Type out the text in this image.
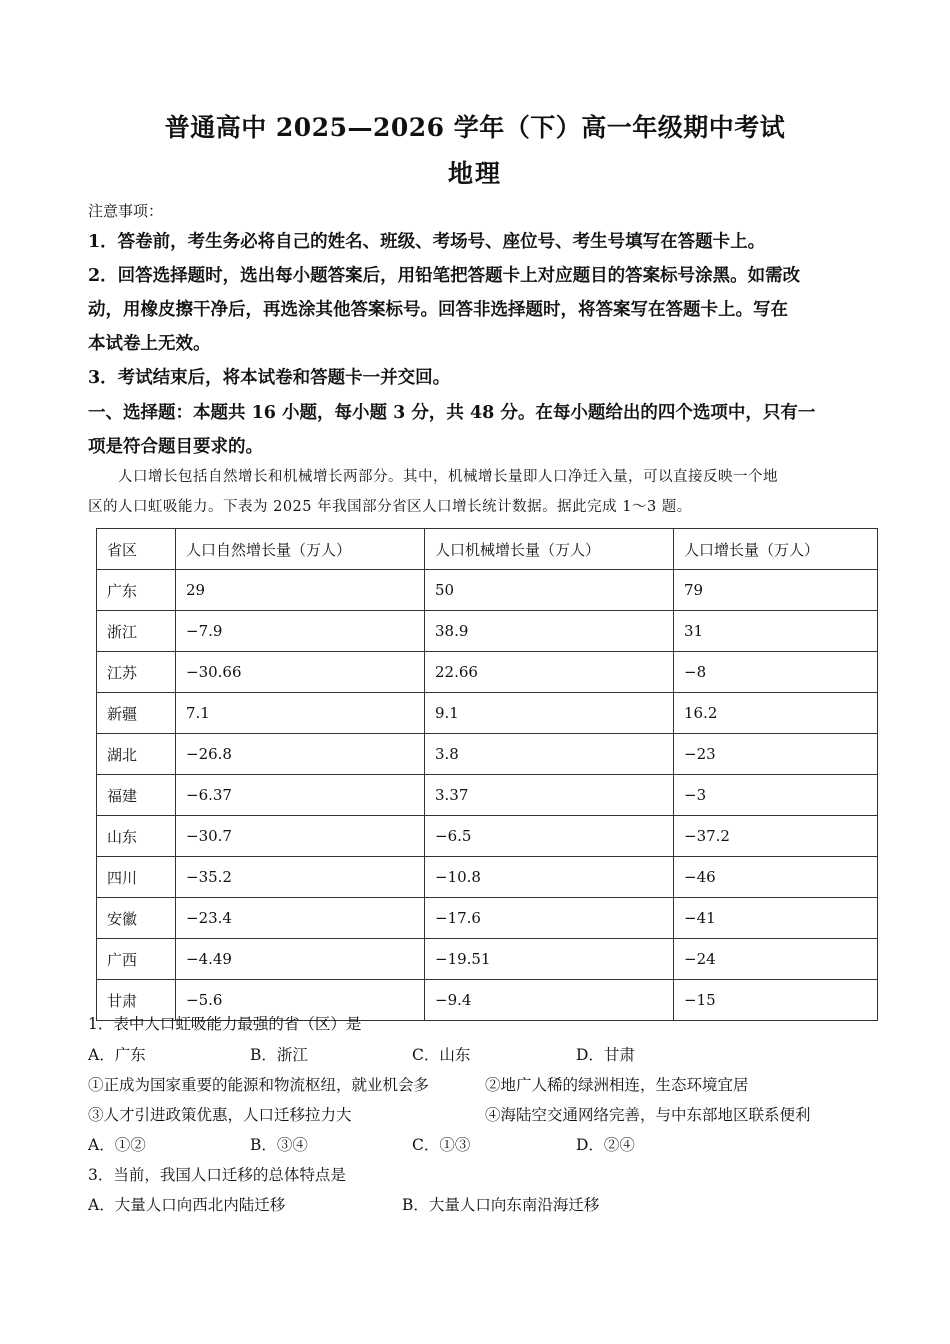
普通高中 2025—2026 学年（下）高一年级期中考试
地理
注意事项：
1．答卷前，考生务必将自己的姓名、班级、考场号、座位号、考生号填写在答题卡上。
2．回答选择题时，选出每小题答案后，用铅笔把答题卡上对应题目的答案标号涂黑。如需改
动，用橡皮擦干净后，再选涂其他答案标号。回答非选择题时，将答案写在答题卡上。写在
本试卷上无效。
3．考试结束后，将本试卷和答题卡一并交回。
一、选择题：本题共 16 小题，每小题 3 分，共 48 分。在每小题给出的四个选项中，只有一
项是符合题目要求的。
人口增长包括自然增长和机械增长两部分。其中，机械增长量即人口净迁入量，可以直接反映一个地
区的人口虹吸能力。下表为 2025 年我国部分省区人口增长统计数据。据此完成 1～3 题。
省区	人口自然增长量（万人）	人口机械增长量（万人）	人口增长量（万人）
广东	29	50	79
浙江	−7.9	38.9	31
江苏	−30.66	22.66	−8
新疆	7.1	9.1	16.2
湖北	−26.8	3.8	−23
福建	−6.37	3.37	−3
山东	−30.7	−6.5	−37.2
四川	−35.2	−10.8	−46
安徽	−23.4	−17.6	−41
广西	−4.49	−19.51	−24
甘肃	−5.6	−9.4	−15
1．表中人口虹吸能力最强的省（区）是
A．广东	B．浙江	C．山东	D．甘肃
①正成为国家重要的能源和物流枢纽，就业机会多	②地广人稀的绿洲相连，生态环境宜居
③人才引进政策优惠，人口迁移拉力大	④海陆空交通网络完善，与中东部地区联系便利
A．①②	B．③④	C．①③	D．②④
3．当前，我国人口迁移的总体特点是
A．大量人口向西北内陆迁移	B．大量人口向东南沿海迁移
